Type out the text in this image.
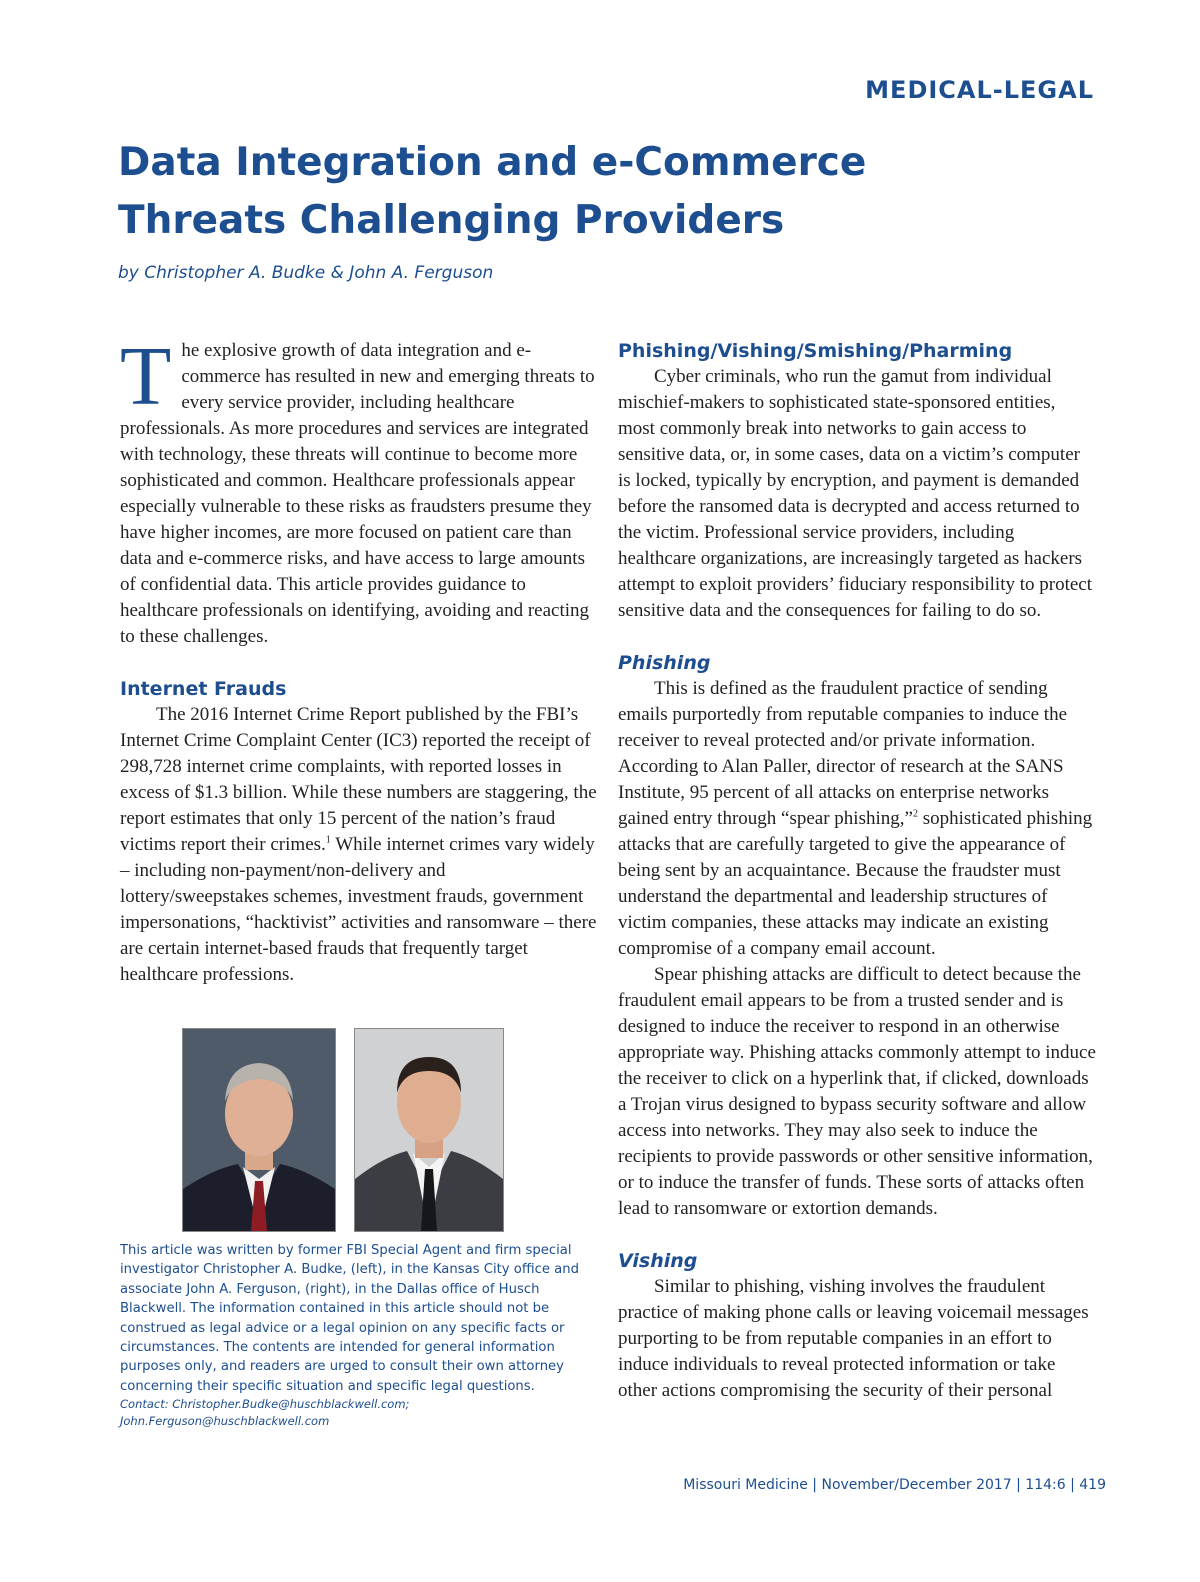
MEDICAL-LEGAL
Data Integration and e-Commerce Threats Challenging Providers
by Christopher A. Budke & John A. Ferguson

The explosive growth of data integration and e-commerce has resulted in new and emerging threats to every service provider, including healthcare professionals. As more procedures and services are integrated with technology, these threats will continue to become more sophisticated and common. Healthcare professionals appear especially vulnerable to these risks as fraudsters presume they have higher incomes, are more focused on patient care than data and e-commerce risks, and have access to large amounts of confidential data. This article provides guidance to healthcare professionals on identifying, avoiding and reacting to these challenges.

Internet Frauds

The 2016 Internet Crime Report published by the FBI’s Internet Crime Complaint Center (IC3) reported the receipt of 298,728 internet crime complaints, with reported losses in excess of $1.3 billion. While these numbers are staggering, the report estimates that only 15 percent of the nation’s fraud victims report their crimes.$^1$ While internet crimes vary widely – including non-payment/non-delivery and lottery/sweepstakes schemes, investment frauds, government impersonations, “hacktivist” activities and ransomware – there are certain internet-based frauds that frequently target healthcare professions.

This article was written by former FBI Special Agent and firm special investigator Christopher A. Budke, (left), in the Kansas City office and associate John A. Ferguson, (right), in the Dallas office of Husch Blackwell. The information contained in this article should not be construed as legal advice or a legal opinion on any specific facts or circumstances. The contents are intended for general information purposes only, and readers are urged to consult their own attorney concerning their specific situation and specific legal questions.
Contact: Christopher.Budke@huschblackwell.com; John.Ferguson@huschblackwell.com
Phishing/Vishing/Smishing/Pharming

Cyber criminals, who run the gamut from individual mischief-makers to sophisticated state-sponsored entities, most commonly break into networks to gain access to sensitive data, or, in some cases, data on a victim’s computer is locked, typically by encryption, and payment is demanded before the ransomed data is decrypted and access returned to the victim. Professional service providers, including healthcare organizations, are increasingly targeted as hackers attempt to exploit providers’ fiduciary responsibility to protect sensitive data and the consequences for failing to do so.

Phishing

This is defined as the fraudulent practice of sending emails purportedly from reputable companies to induce the receiver to reveal protected and/or private information. According to Alan Paller, director of research at the SANS Institute, 95 percent of all attacks on enterprise networks gained entry through “spear phishing,”$^2$ sophisticated phishing attacks that are carefully targeted to give the appearance of being sent by an acquaintance. Because the fraudster must understand the departmental and leadership structures of victim companies, these attacks may indicate an existing compromise of a company email account.

Spear phishing attacks are difficult to detect because the fraudulent email appears to be from a trusted sender and is designed to induce the receiver to respond in an otherwise appropriate way. Phishing attacks commonly attempt to induce the receiver to click on a hyperlink that, if clicked, downloads a Trojan virus designed to bypass security software and allow access into networks. They may also seek to induce the recipients to provide passwords or other sensitive information, or to induce the transfer of funds. These sorts of attacks often lead to ransomware or extortion demands.

Vishing

Similar to phishing, vishing involves the fraudulent practice of making phone calls or leaving voicemail messages purporting to be from reputable companies in an effort to induce individuals to reveal protected information or take other actions compromising the security of their personal

Missouri Medicine | November/December 2017 | 114:6 | 419
